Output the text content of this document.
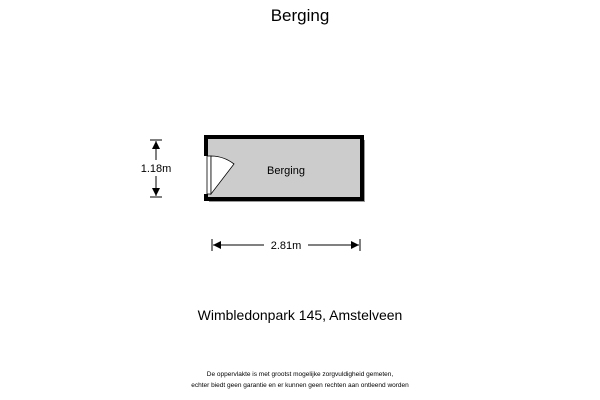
Berging
Berging
1.18m
2.81m
Wimbledonpark 145, Amstelveen
De oppervlakte is met grootst mogelijke zorgvuldigheid gemeten,
echter biedt geen garantie en er kunnen geen rechten aan ontleend worden
